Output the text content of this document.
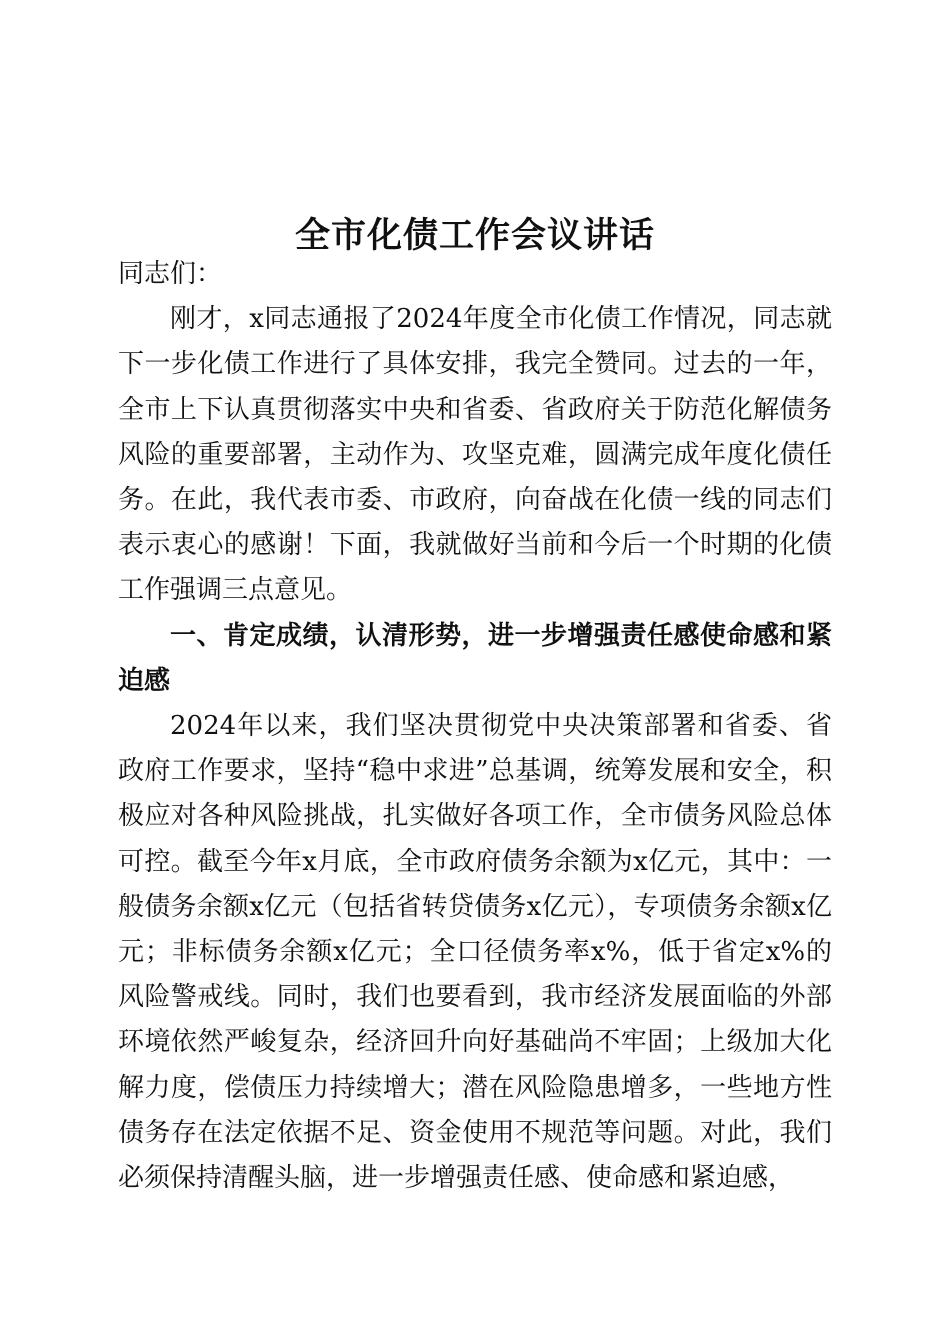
全市化债工作会议讲话

同志们：

刚才，x同志通报了2024年度全市化债工作情况，同志就下一步化债工作进行了具体安排，我完全赞同。过去的一年，全市上下认真贯彻落实中央和省委、省政府关于防范化解债务风险的重要部署，主动作为、攻坚克难，圆满完成年度化债任务。在此，我代表市委、市政府，向奋战在化债一线的同志们表示衷心的感谢！下面，我就做好当前和今后一个时期的化债工作强调三点意见。

一、肯定成绩，认清形势，进一步增强责任感使命感和紧迫感

2024年以来，我们坚决贯彻党中央决策部署和省委、省政府工作要求，坚持“稳中求进”总基调，统筹发展和安全，积极应对各种风险挑战，扎实做好各项工作，全市债务风险总体可控。截至今年x月底，全市政府债务余额为x亿元，其中：一般债务余额x亿元（包括省转贷债务x亿元），专项债务余额x亿元；非标债务余额x亿元；全口径债务率x%，低于省定x%的风险警戒线。同时，我们也要看到，我市经济发展面临的外部环境依然严峻复杂，经济回升向好基础尚不牢固；上级加大化解力度，偿债压力持续增大；潜在风险隐患增多，一些地方性债务存在法定依据不足、资金使用不规范等问题。对此，我们必须保持清醒头脑，进一步增强责任感、使命感和紧迫感，
